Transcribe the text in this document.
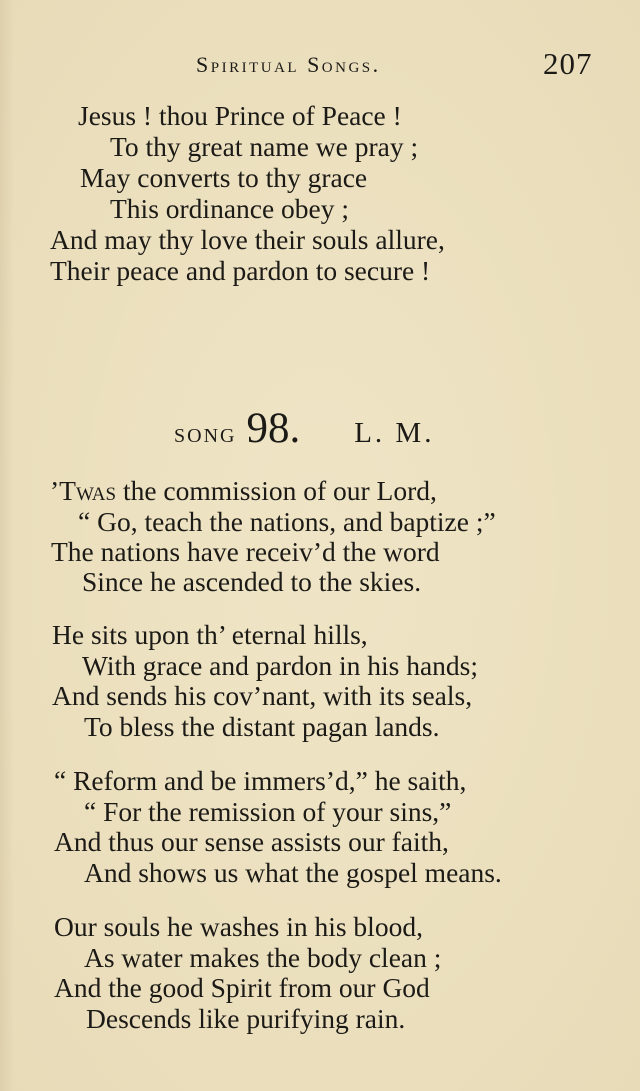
Spiritual Songs.	207
Jesus ! thou Prince of Peace !
To thy great name we pray ;
May converts to thy grace
This ordinance obey ;
And may thy love their souls allure,
Their peace and pardon to secure !
song 98. L. M.
’Twas the commission of our Lord,
“ Go, teach the nations, and baptize ;”
The nations have receiv’d the word
Since he ascended to the skies.
He sits upon th’ eternal hills,
With grace and pardon in his hands;
And sends his cov’nant, with its seals,
To bless the distant pagan lands.
“ Reform and be immers’d,” he saith,
“ For the remission of your sins,”
And thus our sense assists our faith,
And shows us what the gospel means.
Our souls he washes in his blood,
As water makes the body clean ;
And the good Spirit from our God
Descends like purifying rain.
